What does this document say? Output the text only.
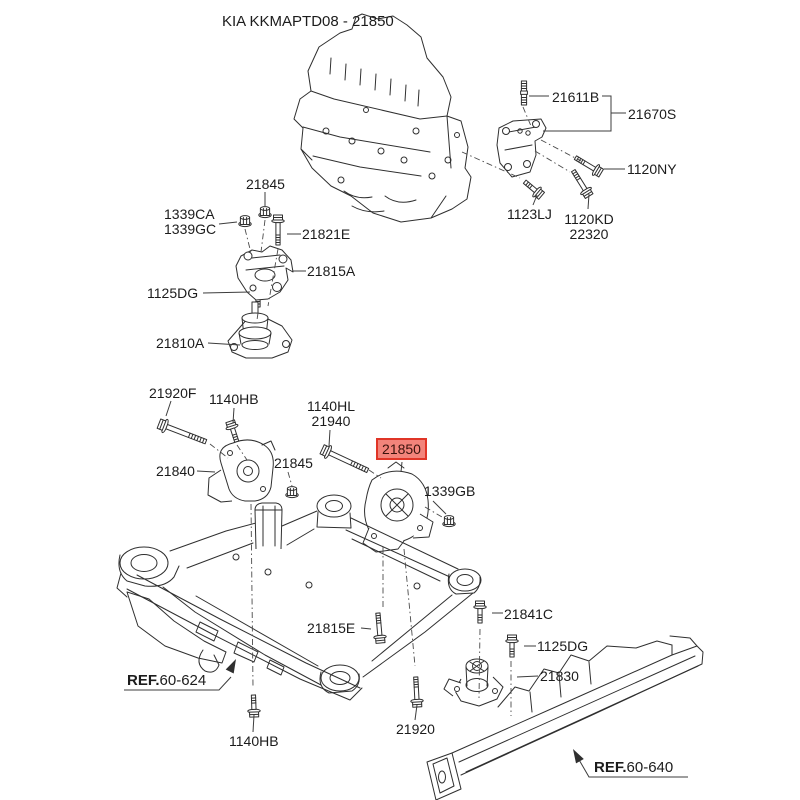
KIA KKMAPTD08 - 21850
21611B
21670S
1120NY
1123LJ 1120KD
22320
21845
1339CA
1339GC	21821E
21815A
1125DG
21810A
21920F 1140HB	1140HL
21940
21840	21845
21850
1339GB
21815E
21841C
1125DG
21830
21920
1140HB
REF.60-624
REF.60-640
